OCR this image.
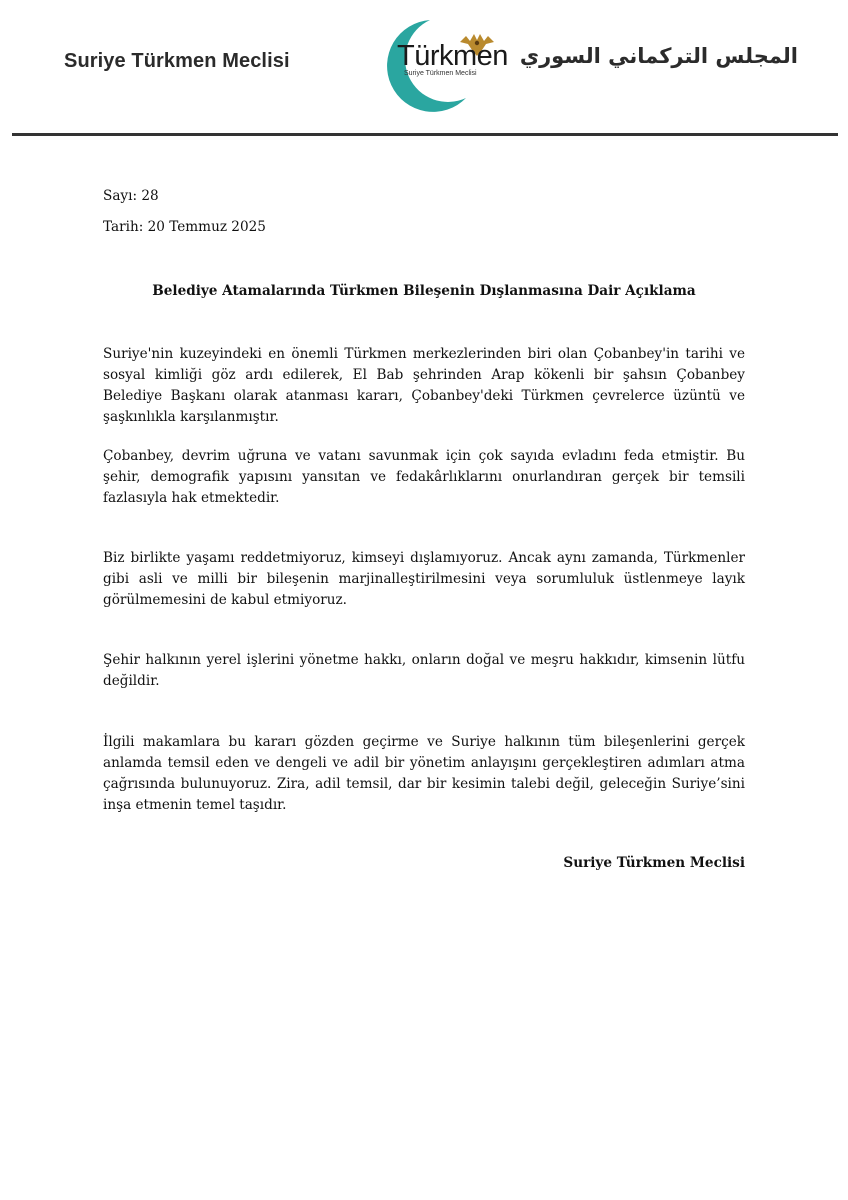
Suriye Türkmen Meclisi	Türkmen
Suriye Türkmen Meclisi
المجلس التركماني السوري
Sayı: 28
Tarih: 20 Temmuz 2025
Belediye Atamalarında Türkmen Bileşenin Dışlanmasına Dair Açıklama

Suriye'nin kuzeyindeki en önemli Türkmen merkezlerinden biri olan Çobanbey'in tarihi ve sosyal kimliği göz ardı edilerek, El Bab şehrinden Arap kökenli bir şahsın Çobanbey Belediye Başkanı olarak atanması kararı, Çobanbey'deki Türkmen çevrelerce üzüntü ve şaşkınlıkla karşılanmıştır.

Çobanbey, devrim uğruna ve vatanı savunmak için çok sayıda evladını feda etmiştir. Bu şehir, demografik yapısını yansıtan ve fedakârlıklarını onurlandıran gerçek bir temsili fazlasıyla hak etmektedir.

Biz birlikte yaşamı reddetmiyoruz, kimseyi dışlamıyoruz. Ancak aynı zamanda, Türkmenler gibi asli ve milli bir bileşenin marjinalleştirilmesini veya sorumluluk üstlenmeye layık görülmemesini de kabul etmiyoruz.

Şehir halkının yerel işlerini yönetme hakkı, onların doğal ve meşru hakkıdır, kimsenin lütfu değildir.

İlgili makamlara bu kararı gözden geçirme ve Suriye halkının tüm bileşenlerini gerçek anlamda temsil eden ve dengeli ve adil bir yönetim anlayışını gerçekleştiren adımları atma çağrısında bulunuyoruz. Zira, adil temsil, dar bir kesimin talebi değil, geleceğin Suriye’sini inşa etmenin temel taşıdır.

Suriye Türkmen Meclisi
